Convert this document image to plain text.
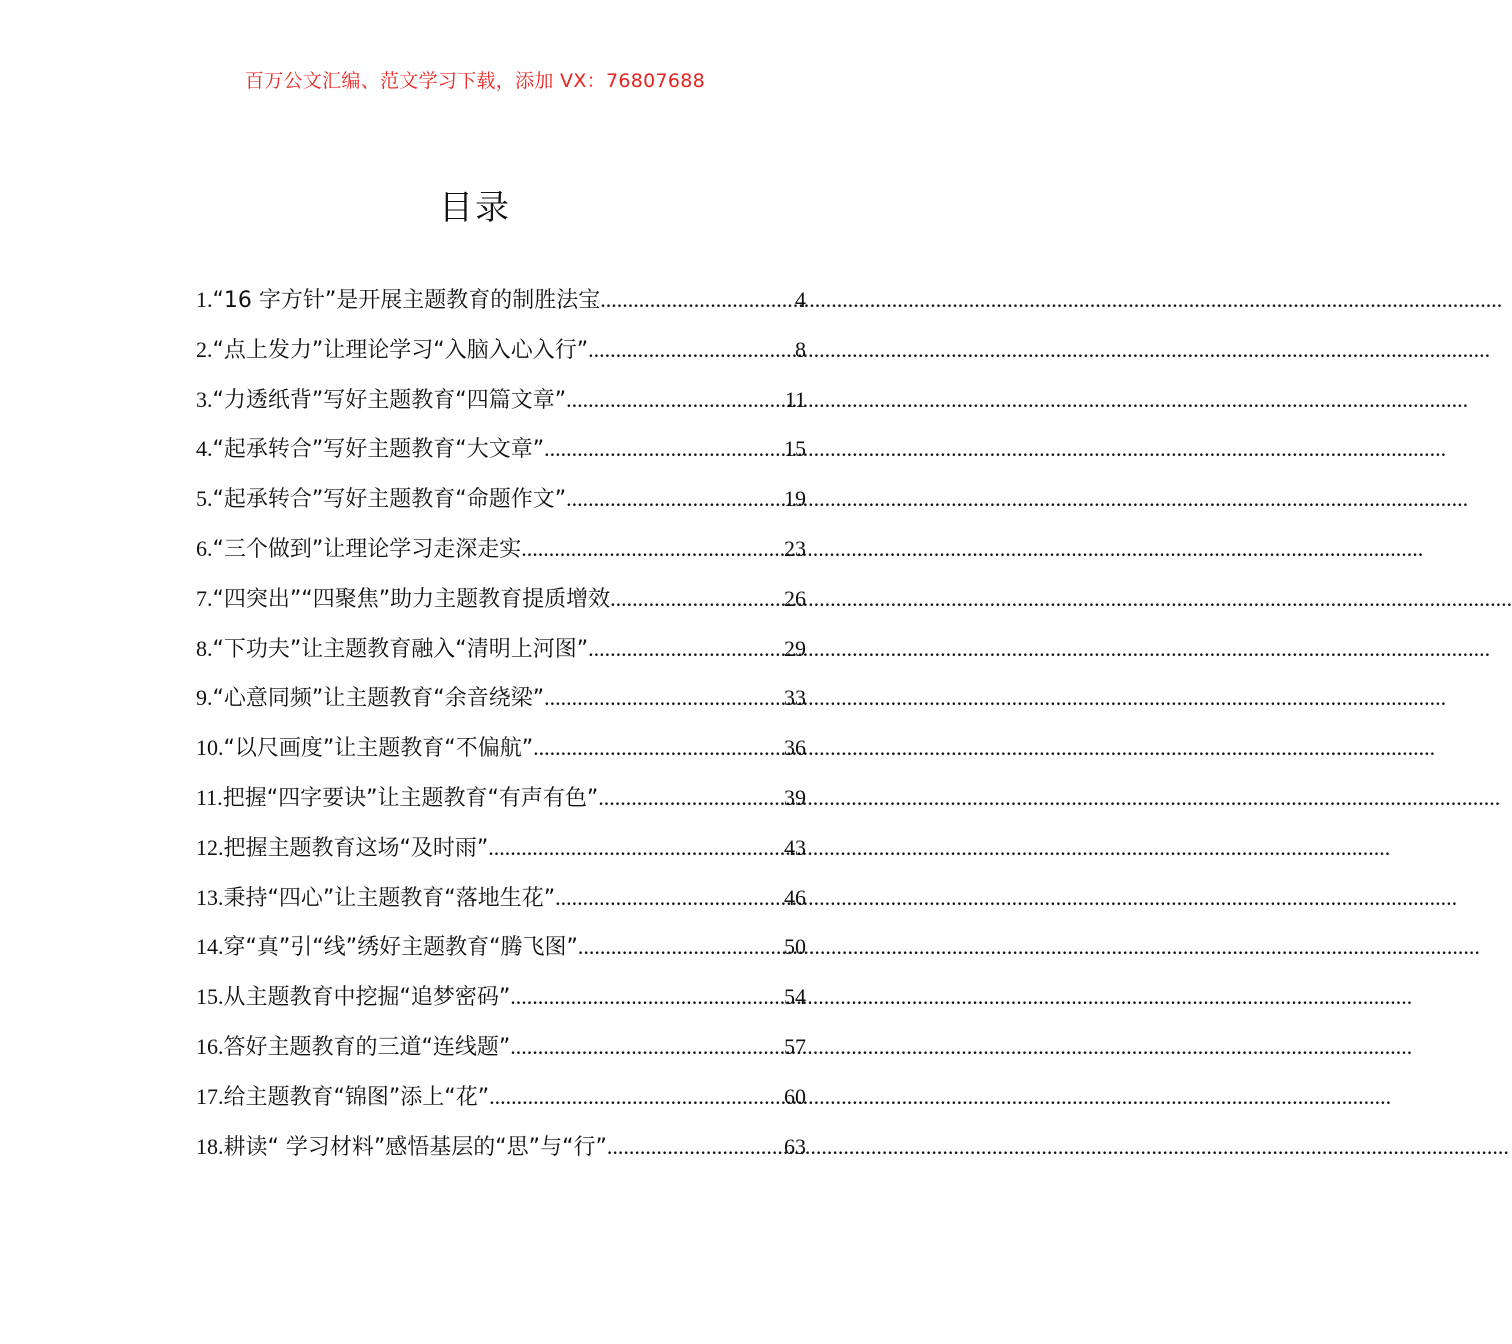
百万公文汇编、范文学习下载，添加 VX：76807688
目录
1. “16 字方针”是开展主题教育的制胜法宝 .....	4
2. “点上发力”让理论学习“入脑入心入行” .....	8
3. “力透纸背”写好主题教育“四篇文章” .....	11
4. “起承转合”写好主题教育“大文章” .....	15
5. “起承转合”写好主题教育“命题作文” .....	19
6. “三个做到”让理论学习走深走实 .....	23
7. “四突出”“四聚焦”助力主题教育提质增效 .....	26
8. “下功夫”让主题教育融入“清明上河图” .....	29
9. “心意同频”让主题教育“余音绕梁” .....	33
10. “以尺画度”让主题教育“不偏航” .....	36
11. 把握“四字要诀”让主题教育“有声有色” .....	39
12. 把握主题教育这场“及时雨” .....	43
13. 秉持“四心”让主题教育“落地生花” .....	46
14. 穿“真”引“线”绣好主题教育“腾飞图” .....	50
15. 从主题教育中挖掘“追梦密码” .....	54
16. 答好主题教育的三道“连线题” .....	57
17. 给主题教育“锦图”添上“花” .....	60
18. 耕读“ 学习材料”感悟基层的“思”与“行” .....	63
